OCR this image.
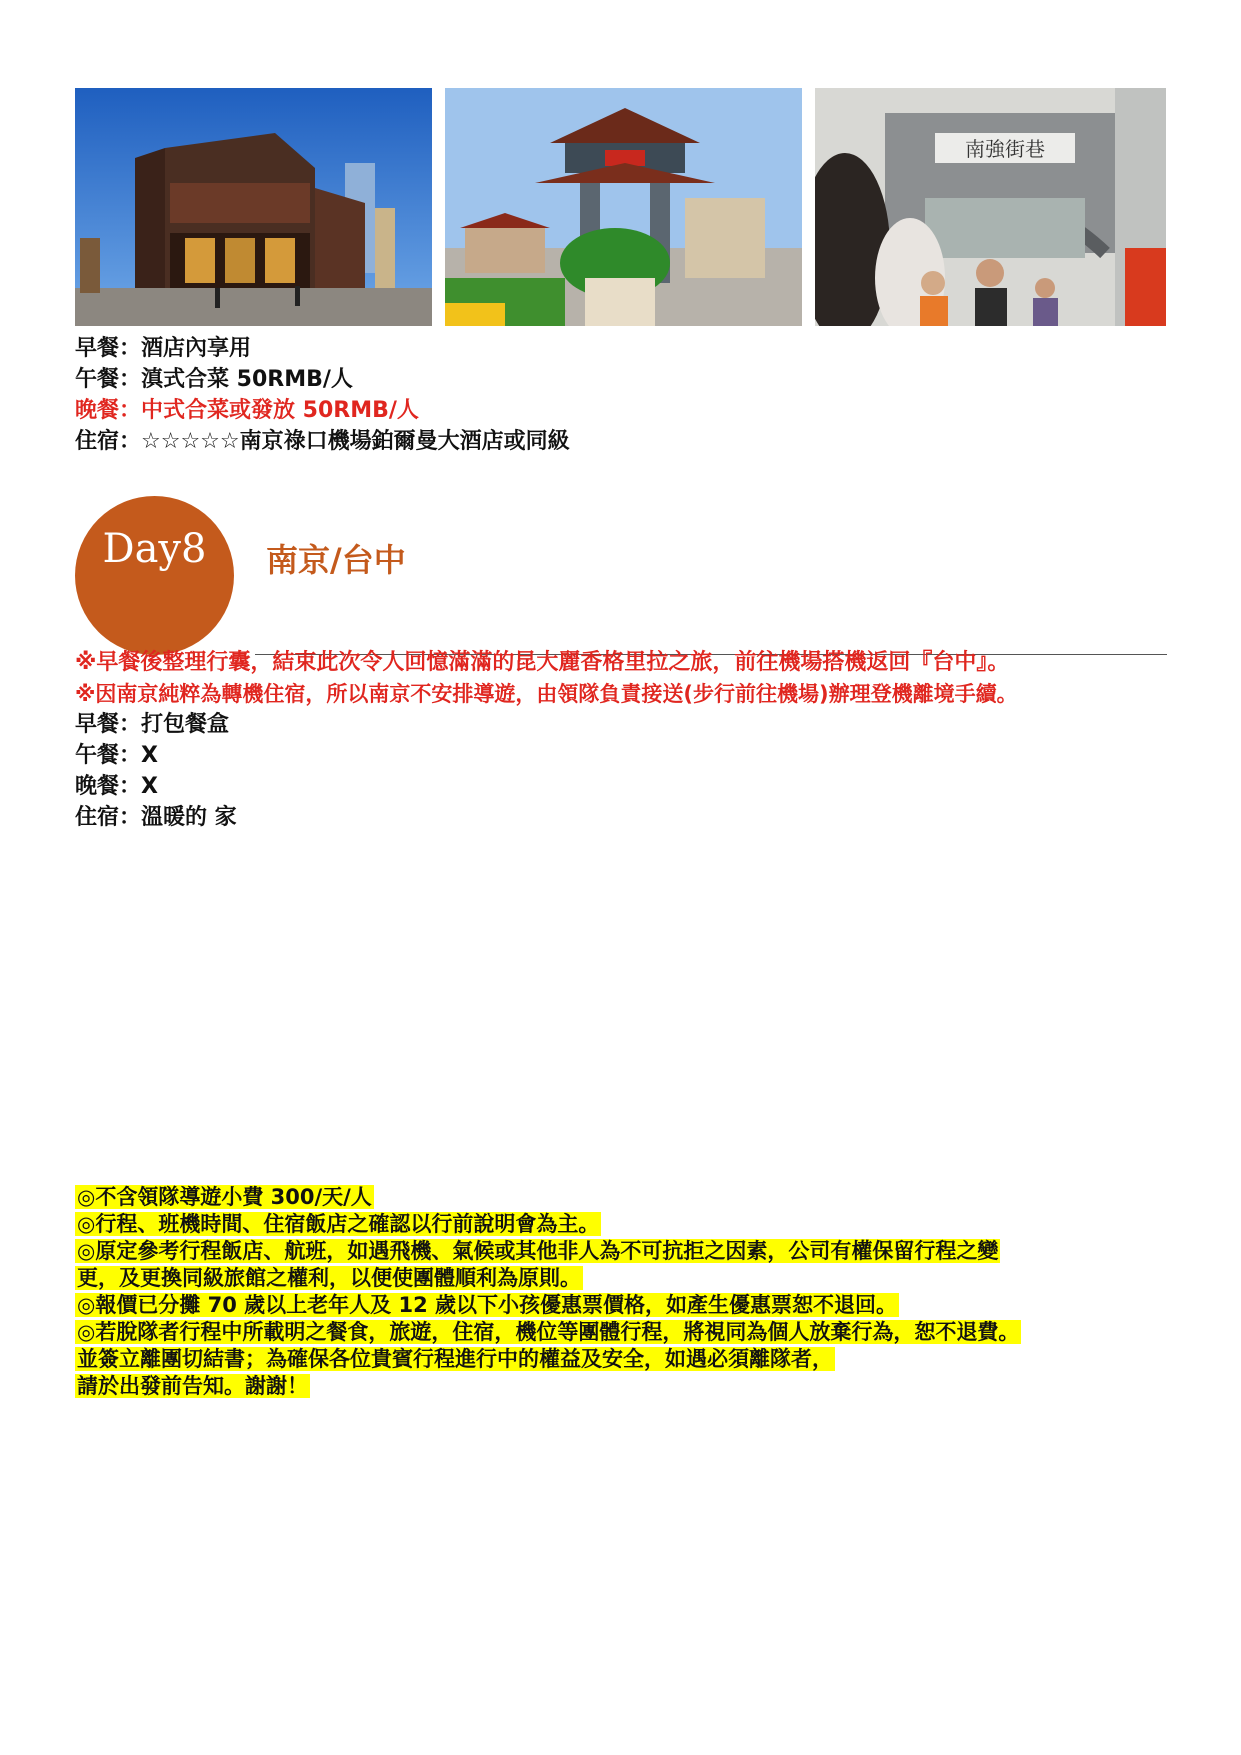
南強街巷
早餐：酒店內享用
午餐：滇式合菜 50RMB/人
晚餐：中式合菜或發放 50RMB/人
住宿：☆☆☆☆☆南京祿口機場鉑爾曼大酒店或同級
Day8	南京/台中
※早餐後整理行囊，結束此次令人回憶滿滿的昆大麗香格里拉之旅，前往機場搭機返回『台中』。
※因南京純粹為轉機住宿，所以南京不安排導遊，由領隊負責接送(步行前往機場)辦理登機離境手續。
早餐：打包餐盒
午餐：X
晚餐：X
住宿：溫暖的 家
◎不含領隊導遊小費 300/天/人
◎行程、班機時間、住宿飯店之確認以行前說明會為主。
◎原定參考行程飯店、航班，如遇飛機、氣候或其他非人為不可抗拒之因素，公司有權保留行程之變
更，及更換同級旅館之權利，以便使團體順利為原則。
◎報價已分攤 70 歲以上老年人及 12 歲以下小孩優惠票價格，如產生優惠票恕不退回。
◎若脫隊者行程中所載明之餐食，旅遊，住宿，機位等團體行程，將視同為個人放棄行為，恕不退費。
並簽立離團切結書；為確保各位貴賓行程進行中的權益及安全，如遇必須離隊者，
請於出發前告知。謝謝！
